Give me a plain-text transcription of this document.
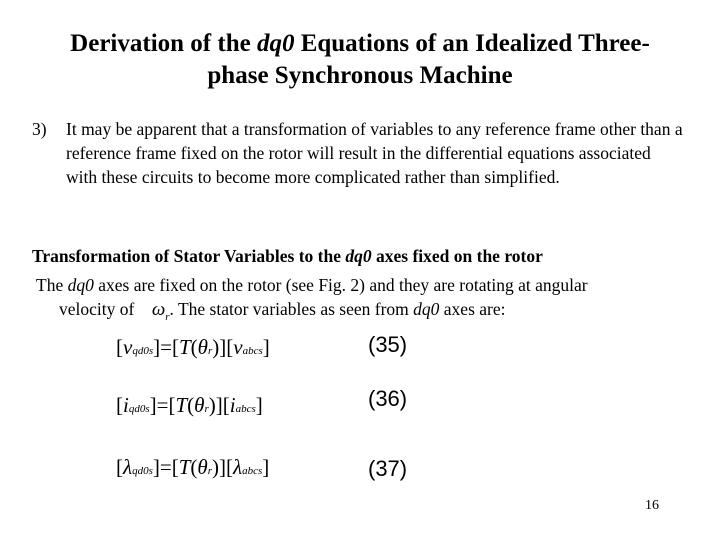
Derivation of the dq0 Equations of an Idealized Three-
phase Synchronous Machine
3) It may be apparent that a transformation of variables to any reference frame other than a reference frame fixed on the rotor will result in the differential equations associated with these circuits to become more complicated rather than simplified.
Transformation of Stator Variables to the dq0 axes fixed on the rotor
The dq0 axes are fixed on the rotor (see Fig. 2) and they are rotating at angular
velocity of    $\omega_r$. The stator variables as seen from dq0 axes are:
[vqd0s]=[T(θr)][vabcs]	(35)
[iqd0s]=[T(θr)][iabcs]	(36)
[λqd0s]=[T(θr)][λabcs]	(37)
16
